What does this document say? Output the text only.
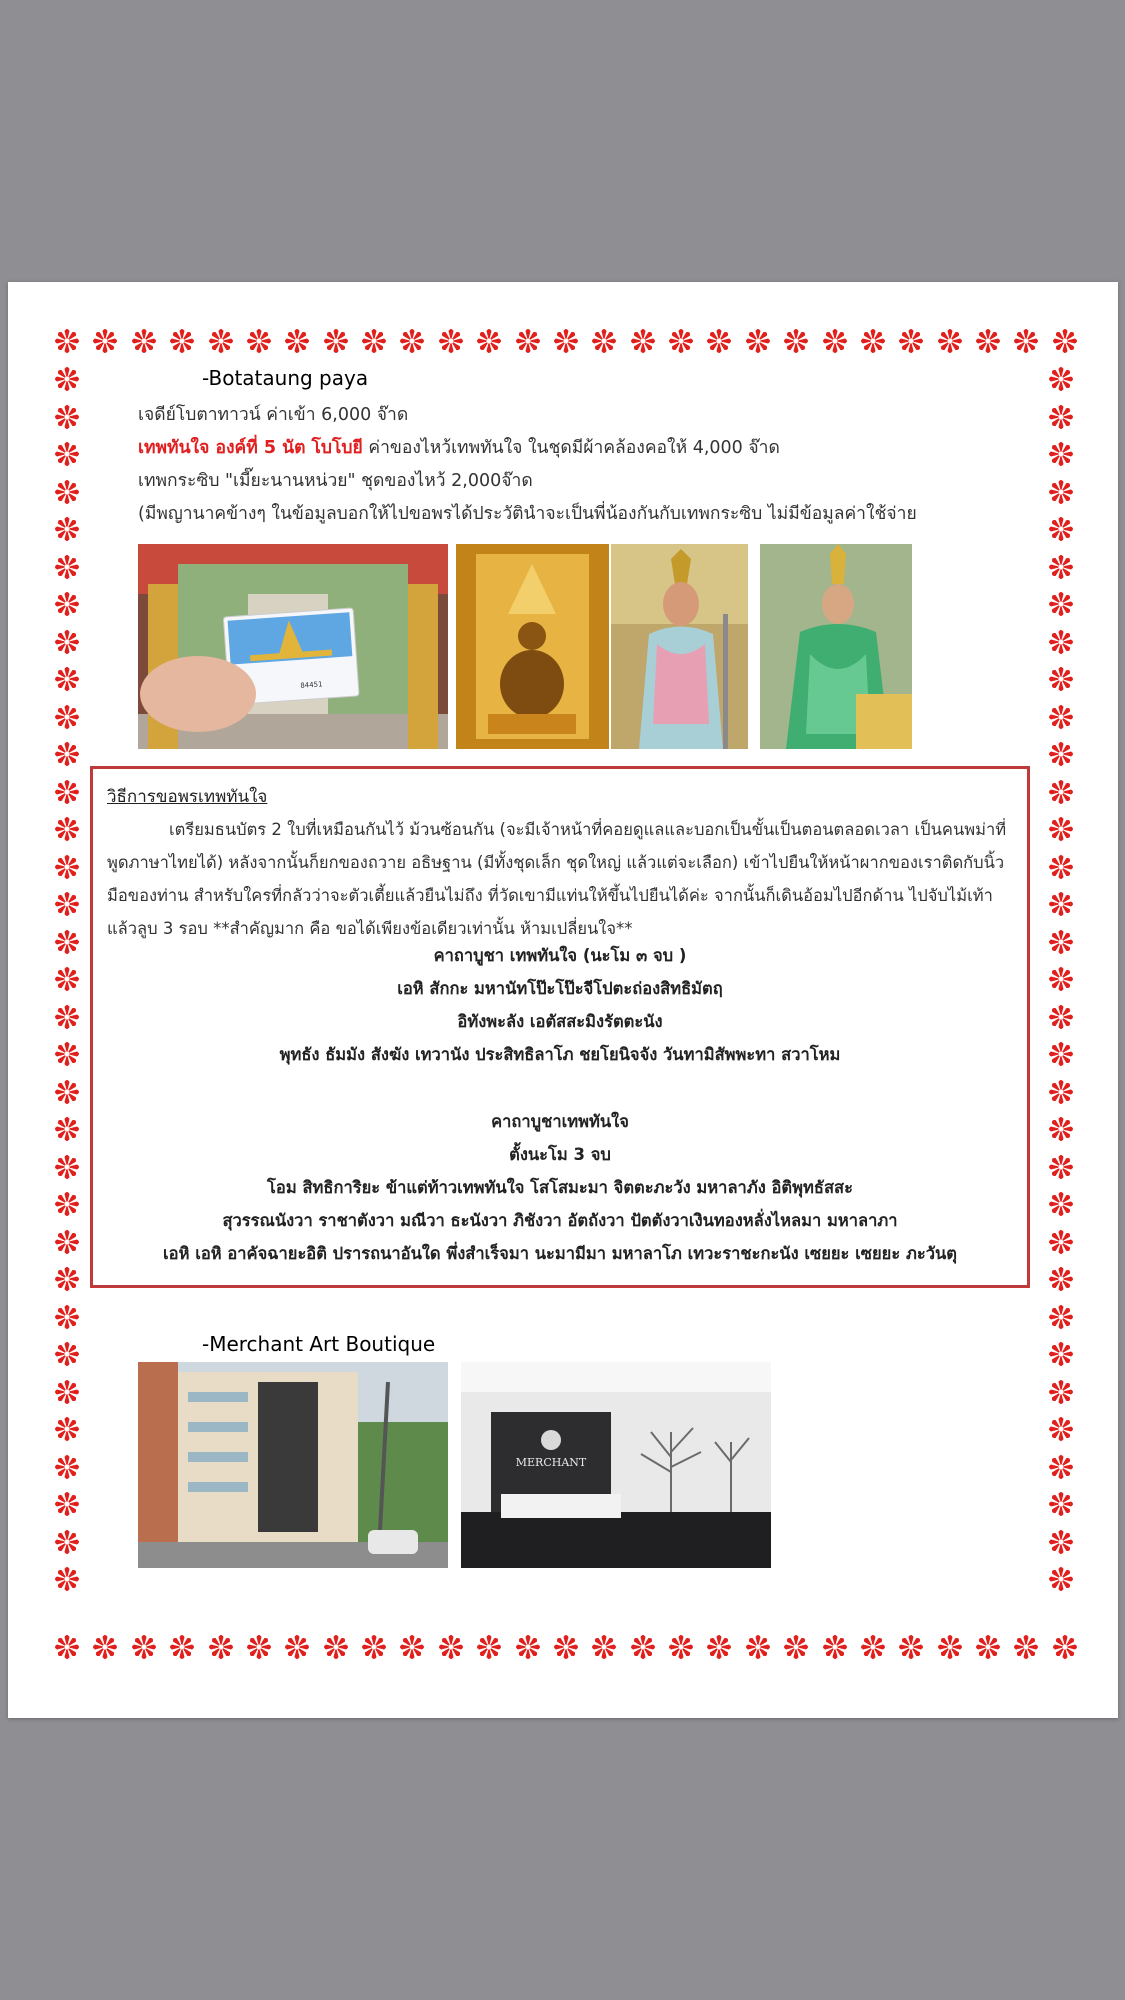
-Botataung paya
เจดีย์โบตาทาวน์ ค่าเข้า 6,000 จ๊าด
เทพทันใจ องค์ที่ 5 นัต โบโบยี ค่าของไหว้เทพทันใจ ในชุดมีผ้าคล้องคอให้ 4,000 จ๊าด
เทพกระซิบ "เมี๊ยะนานหน่วย" ชุดของไหว้ 2,000จ๊าด
(มีพญานาคข้างๆ ในข้อมูลบอกให้ไปขอพรได้ประวัตินำจะเป็นพี่น้องกันกับเทพกระซิบ ไม่มีข้อมูลค่าใช้จ่าย
84451
วิธีการขอพรเทพทันใจ
เตรียมธนบัตร 2 ใบที่เหมือนกันไว้ ม้วนซ้อนกัน (จะมีเจ้าหน้าที่คอยดูแลและบอกเป็นขั้นเป็นตอนตลอดเวลา เป็นคนพม่าที่พูดภาษาไทยได้) หลังจากนั้นก็ยกของถวาย อธิษฐาน (มีทั้งชุดเล็ก ชุดใหญ่ แล้วแต่จะเลือก) เข้าไปยืนให้หน้าผากของเราติดกับนิ้วมือของท่าน สำหรับใครที่กลัวว่าจะตัวเตี้ยแล้วยืนไม่ถึง ที่วัดเขามีแท่นให้ขึ้นไปยืนได้ค่ะ จากนั้นก็เดินอ้อมไปอีกด้าน ไปจับไม้เท้าแล้วลูบ 3 รอบ **สำคัญมาก คือ ขอได้เพียงข้อเดียวเท่านั้น ห้ามเปลี่ยนใจ**
คาถาบูชา เทพทันใจ (นะโม ๓ จบ )
เอหิ สักกะ มหานัทโป๊ะโป๊ะจีโปตะถ่องสิทธิมัตฤ
อิทังพะลัง เอตัสสะมิงรัตตะนัง
พุทธัง ธัมมัง สังฆัง เทวานัง ประสิทธิลาโภ ชยโยนิจจัง วันทามิสัพพะทา สวาโหม
คาถาบูชาเทพทันใจ
ตั้งนะโม 3 จบ
โอม สิทธิการิยะ ข้าแต่ท้าวเทพทันใจ โสโสมะมา จิตตะภะวัง มหาลาภัง อิติพุทธัสสะ
สุวรรณนังวา ราชาตังวา มณีวา ธะนังวา ภิชังวา อัตถังวา ปัตตังวาเงินทองหลั่งไหลมา มหาลาภา
เอหิ เอหิ อาคัจฉายะอิติ ปรารถนาอันใด พึ่งสำเร็จมา นะมามีมา มหาลาโภ เทวะราชะกะนัง เซยยะ เซยยะ ภะวันตุ
-Merchant Art Boutique
MERCHANT
